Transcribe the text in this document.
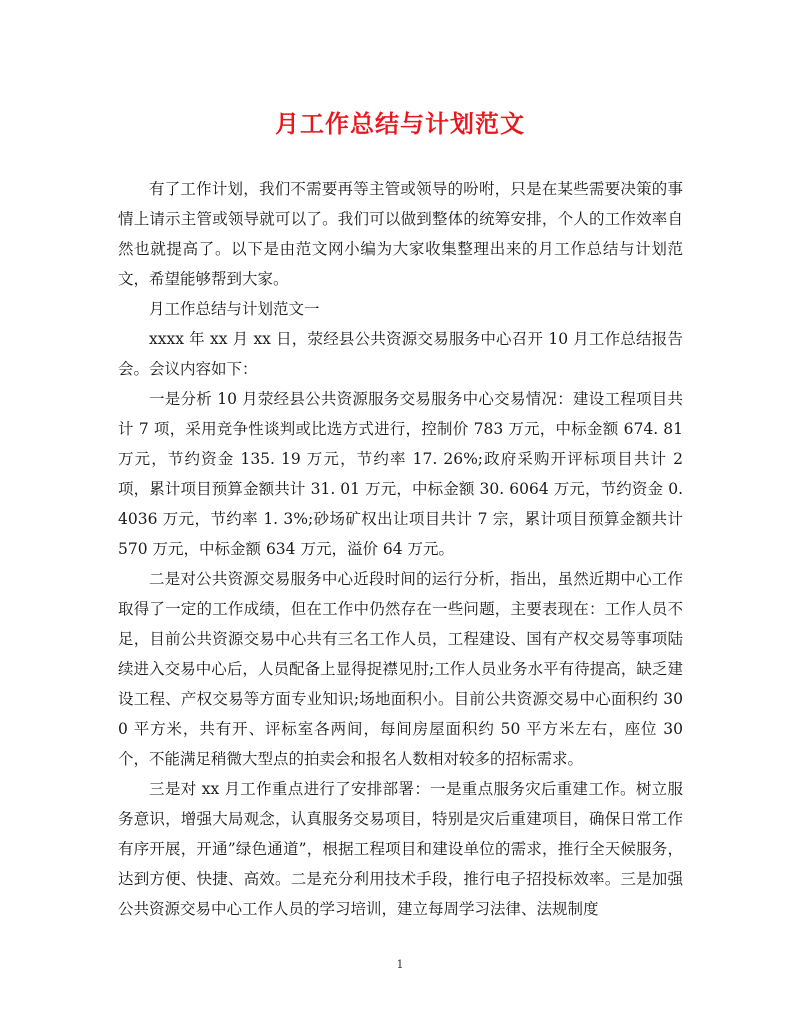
月工作总结与计划范文

有了工作计划，我们不需要再等主管或领导的吩咐，只是在某些需要决策的事情上请示主管或领导就可以了。我们可以做到整体的统筹安排，个人的工作效率自然也就提高了。以下是由范文网小编为大家收集整理出来的月工作总结与计划范文，希望能够帮到大家。

月工作总结与计划范文一

xxxx 年 xx 月 xx 日，荥经县公共资源交易服务中心召开 10 月工作总结报告会。会议内容如下：

一是分析 10 月荥经县公共资源服务交易服务中心交易情况：建设工程项目共计 7 项，采用竞争性谈判或比选方式进行，控制价 783 万元，中标金额 674. 81 万元，节约资金 135. 19 万元，节约率 17. 26%;政府采购开评标项目共计 2 项，累计项目预算金额共计 31. 01 万元，中标金额 30. 6064 万元，节约资金 0. 4036 万元，节约率 1. 3%;砂场矿权出让项目共计 7 宗，累计项目预算金额共计 570 万元，中标金额 634 万元，溢价 64 万元。

二是对公共资源交易服务中心近段时间的运行分析，指出，虽然近期中心工作取得了一定的工作成绩，但在工作中仍然存在一些问题，主要表现在：工作人员不足，目前公共资源交易中心共有三名工作人员，工程建设、国有产权交易等事项陆续进入交易中心后，人员配备上显得捉襟见肘;工作人员业务水平有待提高，缺乏建设工程、产权交易等方面专业知识;场地面积小。目前公共资源交易中心面积约 300 平方米，共有开、评标室各两间，每间房屋面积约 50 平方米左右，座位 30 个，不能满足稍微大型点的拍卖会和报名人数相对较多的招标需求。

三是对 xx 月工作重点进行了安排部署：一是重点服务灾后重建工作。树立服务意识，增强大局观念，认真服务交易项目，特别是灾后重建项目，确保日常工作有序开展，开通”绿色通道”，根据工程项目和建设单位的需求，推行全天候服务，达到方便、快捷、高效。二是充分利用技术手段，推行电子招投标效率。三是加强公共资源交易中心工作人员的学习培训，建立每周学习法律、法规制度

1
